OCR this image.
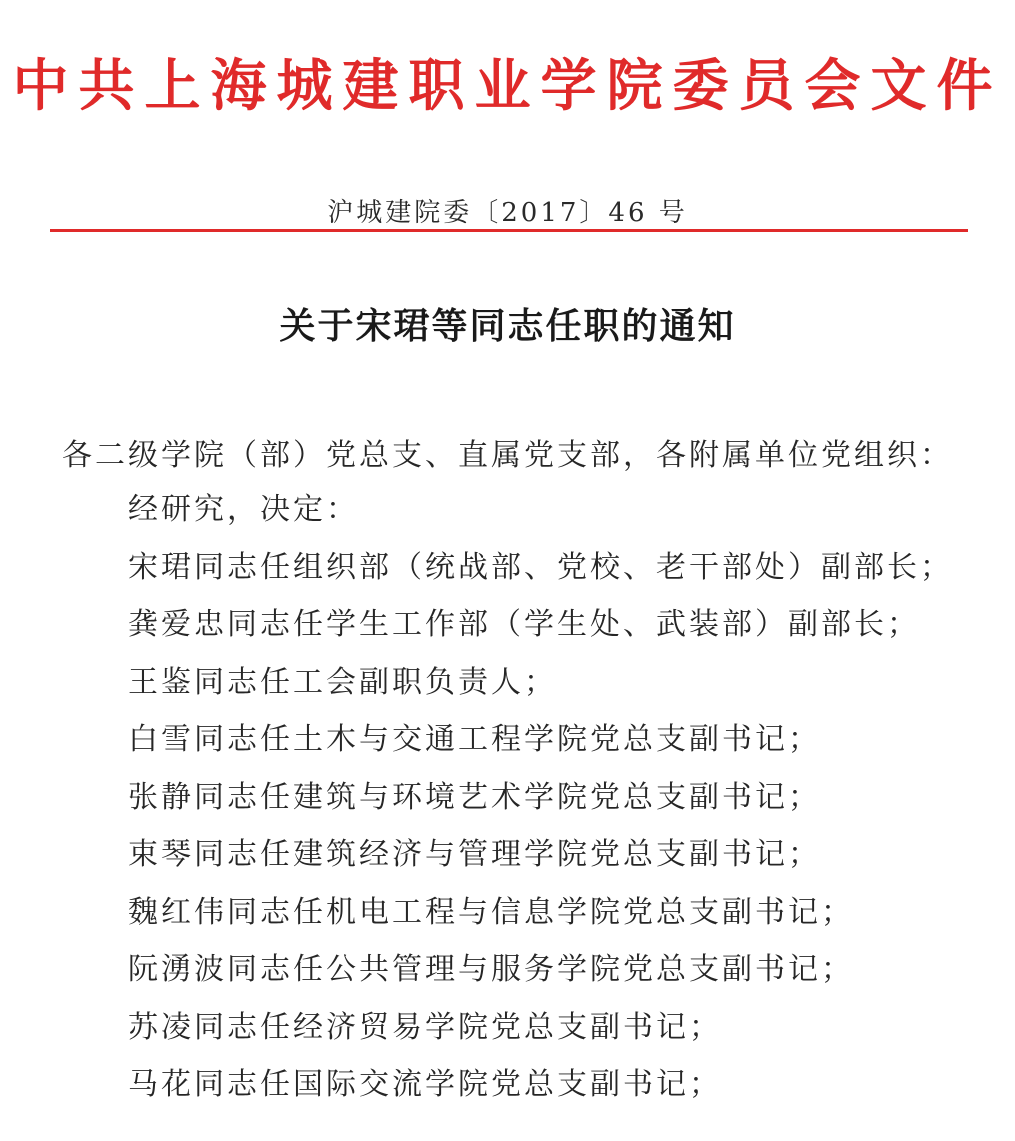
中共上海城建职业学院委员会文件
沪城建院委〔2017〕46 号
关于宋珺等同志任职的通知
各二级学院（部）党总支、直属党支部，各附属单位党组织：
经研究，决定：
宋珺同志任组织部（统战部、党校、老干部处）副部长；
龚爱忠同志任学生工作部（学生处、武装部）副部长；
王鉴同志任工会副职负责人；
白雪同志任土木与交通工程学院党总支副书记；
张静同志任建筑与环境艺术学院党总支副书记；
束琴同志任建筑经济与管理学院党总支副书记；
魏红伟同志任机电工程与信息学院党总支副书记；
阮湧波同志任公共管理与服务学院党总支副书记；
苏凌同志任经济贸易学院党总支副书记；
马花同志任国际交流学院党总支副书记；
